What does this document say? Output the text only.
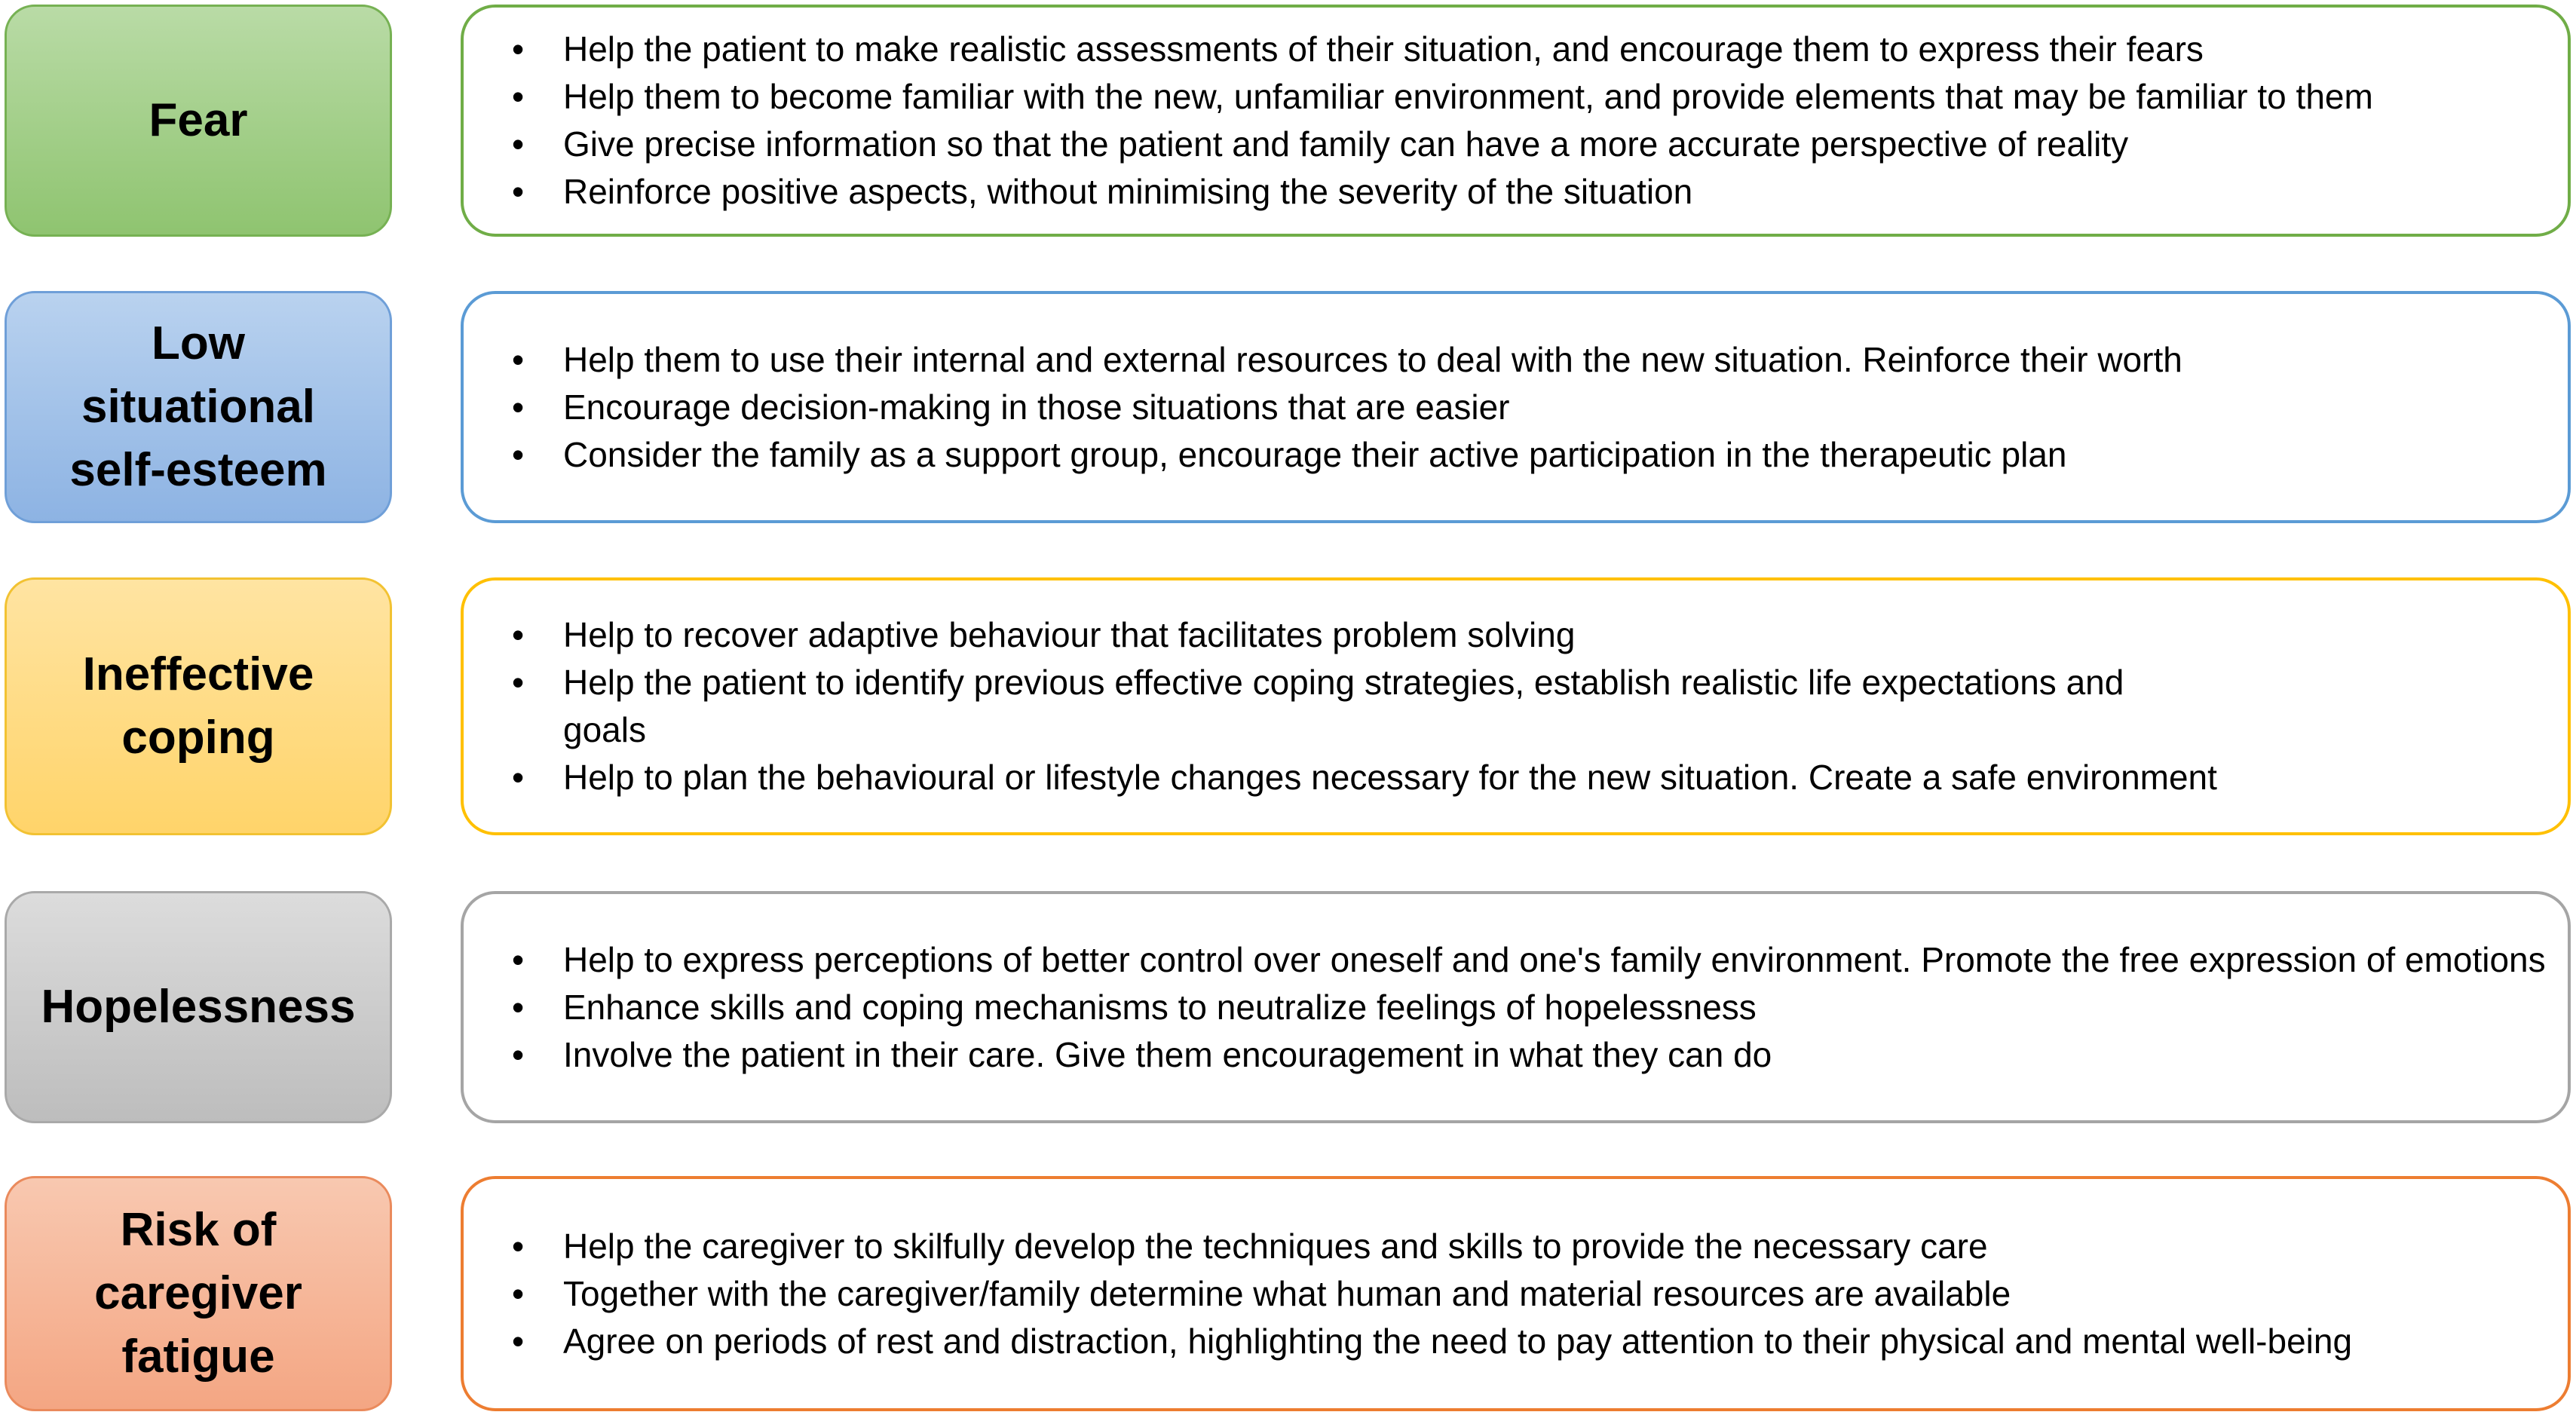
Fear
• Help the patient to make realistic assessments of their situation, and encourage them to express their fears
• Help them to become familiar with the new, unfamiliar environment, and provide elements that may be familiar to them
• Give precise information so that the patient and family can have a more accurate perspective of reality
• Reinforce positive aspects, without minimising the severity of the situation
Low
situational
self-esteem
• Help them to use their internal and external resources to deal with the new situation. Reinforce their worth
• Encourage decision-making in those situations that are easier
• Consider the family as a support group, encourage their active participation in the therapeutic plan
Ineffective
coping
• Help to recover adaptive behaviour that facilitates problem solving
• Help the patient to identify previous effective coping strategies, establish realistic life expectations and
goals
• Help to plan the behavioural or lifestyle changes necessary for the new situation. Create a safe environment
Hopelessness
• Help to express perceptions of better control over oneself and one's family environment. Promote the free expression of emotions
• Enhance skills and coping mechanisms to neutralize feelings of hopelessness
• Involve the patient in their care. Give them encouragement in what they can do
Risk of
caregiver
fatigue
• Help the caregiver to skilfully develop the techniques and skills to provide the necessary care
• Together with the caregiver/family determine what human and material resources are available
• Agree on periods of rest and distraction, highlighting the need to pay attention to their physical and mental well-being
